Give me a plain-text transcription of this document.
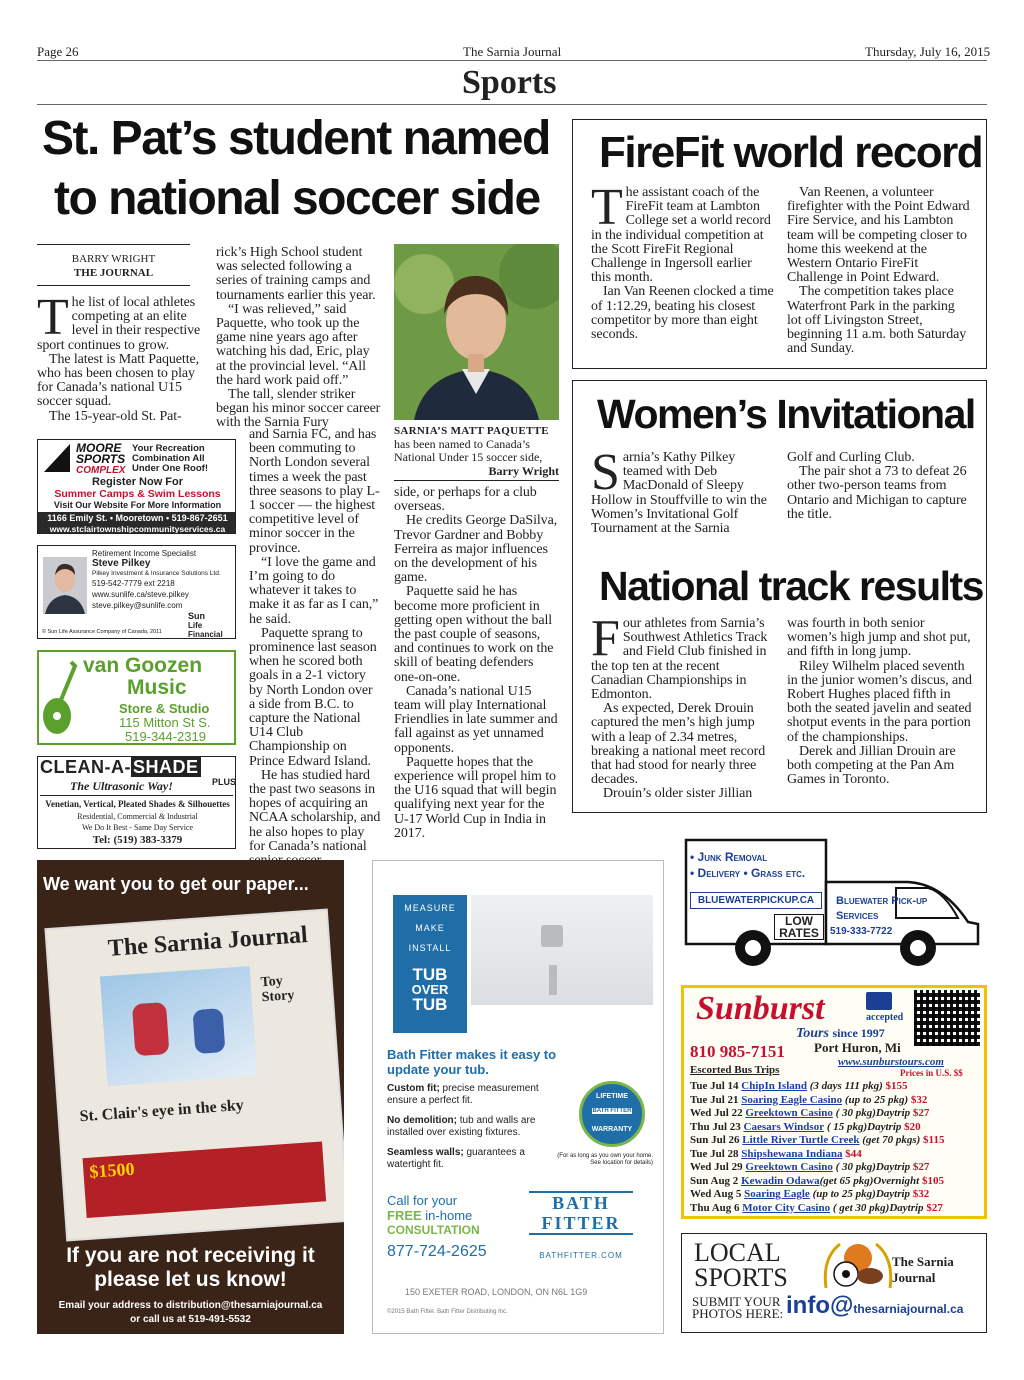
Page 26	The Sarnia Journal	Thursday, July 16, 2015
Sports
St. Pat’s student named
to national soccer side
BARRY WRIGHT
THE JOURNAL

The list of local athletes competing at an elite level in their respective sport continues to grow.

The latest is Matt Paquette, who has been chosen to play for Canada’s national U15 soccer squad.

The 15-year-old St. Pat-

rick’s High School student was selected following a series of training camps and tournaments earlier this year.

“I was relieved,” said Paquette, who took up the game nine years ago after watching his dad, Eric, play at the provincial level. “All the hard work paid off.”

The tall, slender striker began his minor soccer career with the Sarnia Fury

and Sarnia FC, and has been commuting to North London several times a week the past three seasons to play L-1 soccer — the highest competitive level of minor soccer in the province.

“I love the game and I’m going to do whatever it takes to make it as far as I can,” he said.

Paquette sprang to prominence last season when he scored both goals in a 2-1 victory by North London over a side from B.C. to capture the National U14 Club Championship on Prince Edward Island.

He has studied hard the past two seasons in hopes of acquiring an NCAA scholarship, and he also hopes to play for Canada’s national

SARNIA’S MATT PAQUETTE
has been named to Canada’s National Under 15 soccer side,
Barry Wright

side, or perhaps for a club overseas.

He credits George DaSilva, Trevor Gardner and Bobby Ferreira as major influences on the development of his game.

Paquette said he has become more proficient in getting open without the ball the past couple of seasons, and continues to work on the skill of beating defenders one-on-one.

Canada’s national U15 team will play International Friendlies in late summer and fall against as yet unnamed opponents.

Paquette hopes that the experience will propel him to the U16 squad that will begin qualifying next year for the U-17 World Cup in India in 2017.

MOORE
SPORTS
COMPLEX
Your Recreation
Combination All
Under One Roof!
Register Now For
Summer Camps & Swim Lessons
Visit Our Website For More Information
1166 Emily St. • Mooretown • 519-867-2651
www.stclairtownshipcommunityservices.ca
Retirement Income Specialist
Steve Pilkey
Pilkey Investment & Insurance Solutions Ltd.
519-542-7779 ext 2218
www.sunlife.ca/steve.pilkey
steve.pilkey@sunlife.com
© Sun Life Assurance Company of Canada, 2011
Sun
Life Financial
van Goozen
Music
Store & Studio
115 Mitton St S.
519-344-2319
CLEAN-A- SHADE
PLUS
The Ultrasonic Way!
Venetian, Vertical, Pleated Shades & Silhouettes
Residential, Commercial & Industrial
We Do It Best - Same Day Service
Tel: (519) 383-3379
FireFit world record

The assistant coach of the FireFit team at Lambton College set a world record in the individual competition at the Scott FireFit Regional Challenge in Ingersoll earlier this month.

Ian Van Reenen clocked a time of 1:12.29, beating his closest competitor by more than eight seconds.

Van Reenen, a volunteer firefighter with the Point Edward Fire Service, and his Lambton team will be competing closer to home this weekend at the Western Ontario FireFit Challenge in Point Edward.

The competition takes place Waterfront Park in the parking lot off Livingston Street, beginning 11 a.m. both Saturday and Sunday.

Women’s Invitational

Sarnia’s Kathy Pilkey teamed with Deb MacDonald of Sleepy Hollow in Stouffville to win the Women’s Invitational Golf Tournament at the Sarnia

Golf and Curling Club.

The pair shot a 73 to defeat 26 other two-person teams from Ontario and Michigan to capture the title.

National track results

Four athletes from Sarnia’s Southwest Athletics Track and Field Club finished in the top ten at the recent Canadian Championships in Edmonton.

As expected, Derek Drouin captured the men’s high jump with a leap of 2.34 metres, breaking a national meet record that had stood for nearly three decades.

Drouin’s older sister Jillian

was fourth in both senior women’s high jump and shot put, and fifth in long jump.

Riley Wilhelm placed seventh in the junior women’s discus, and Robert Hughes placed fifth in both the seated javelin and seated shotput events in the para portion of the championships.

Derek and Jillian Drouin are both competing at the Pan Am Games in Toronto.

We want you to get our paper...
The Sarnia Journal
Toy Story
St. Clair's eye in the sky
$1500
If you are not receiving it
please let us know!
Email your address to distribution@thesarniajournal.ca
or call us at 519-491-5532
MEASURE
MAKE
INSTALL
TUB
OVER
TUB
Bath Fitter makes it easy to update your tub.
Custom fit; precise measurement ensure a perfect fit.
No demolition; tub and walls are installed over existing fixtures.
Seamless walls; guarantees a watertight fit.
LIFETIME
BATH FITTER
WARRANTY
(For as long as you own your home. See location for details)
Call for your
FREE in-home
CONSULTATION
877-724-2625
BATH
FITTER
BATHFITTER.COM
150 EXETER ROAD, LONDON, ON N6L 1G9
©2015 Bath Fitter. Bath Fitter Distributing Inc.
• Junk Removal
• Delivery • Grass etc.
BLUEWATERPICKUP.CA
LOW
RATES
Bluewater Pick-up
Services
519-333-7722
Sunburst	accepted
Tours since 1997
810 985-7151 Port Huron, Mi
www.sunburstours.com
Escorted Bus Trips	Prices in U.S. $$
Tue Jul 14 ChipIn Island (3 days 111 pkg) $155
Tue Jul 21 Soaring Eagle Casino (up to 25 pkg) $32
Wed Jul 22 Greektown Casino ( 30 pkg)Daytrip $27
Thu Jul 23 Caesars Windsor ( 15 pkg)Daytrip $20
Sun Jul 26 Little River Turtle Creek (get 70 pkgs) $115
Tue Jul 28 Shipshewana Indiana $44
Wed Jul 29 Greektown Casino ( 30 pkg)Daytrip $27
Sun Aug 2 Kewadin Odawa(get 65 pkg)Overnight $105
Wed Aug 5 Soaring Eagle (up to 25 pkg)Daytrip $32
Thu Aug 6 Motor City Casino ( get 30 pkg)Daytrip $27
LOCAL
SPORTS
The Sarnia Journal
SUBMIT YOUR
PHOTOS HERE: info@thesarniajournal.ca
